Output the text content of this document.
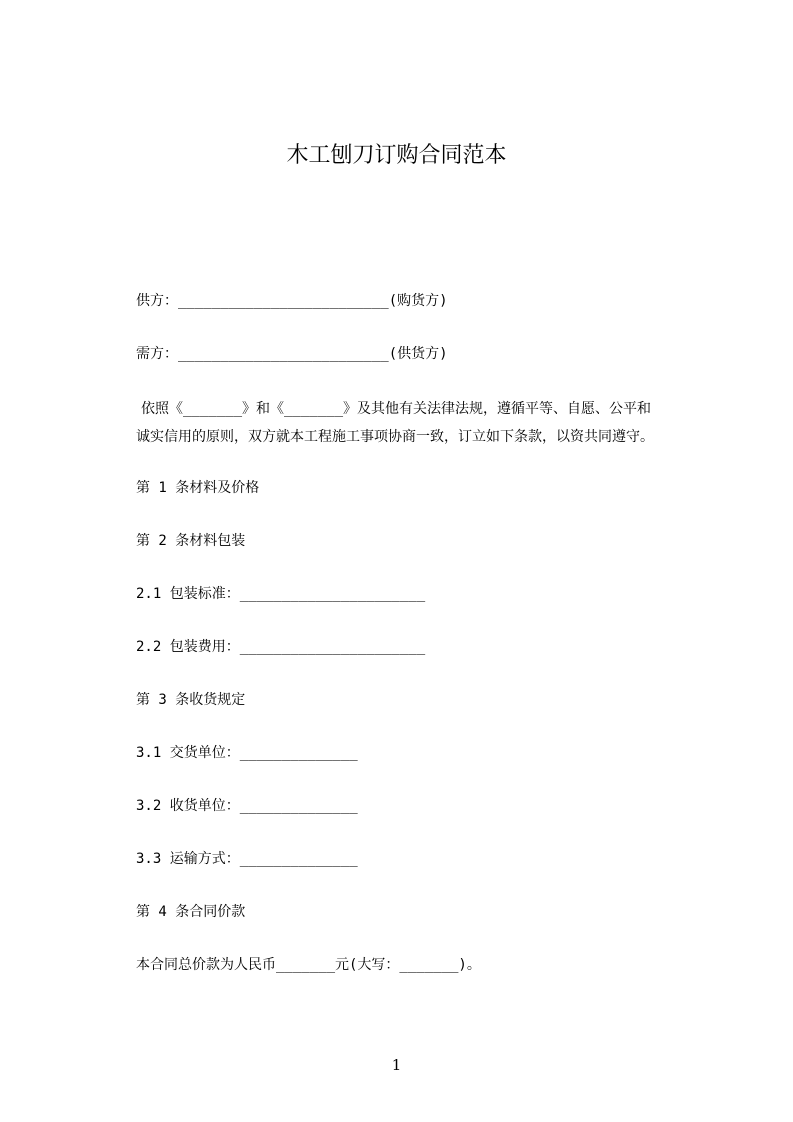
木工刨刀订购合同范本
供方：_________________________(购货方)
需方：_________________________(供货方)
依照《_______》和《_______》及其他有关法律法规，遵循平等、自愿、公平和
诚实信用的原则，双方就本工程施工事项协商一致，订立如下条款，以资共同遵守。
第 1 条材料及价格
第 2 条材料包装
2.1 包装标准：______________________
2.2 包装费用：______________________
第 3 条收货规定
3.1 交货单位：______________
3.2 收货单位：______________
3.3 运输方式：______________
第 4 条合同价款
本合同总价款为人民币_______元(大写：_______)。
1
